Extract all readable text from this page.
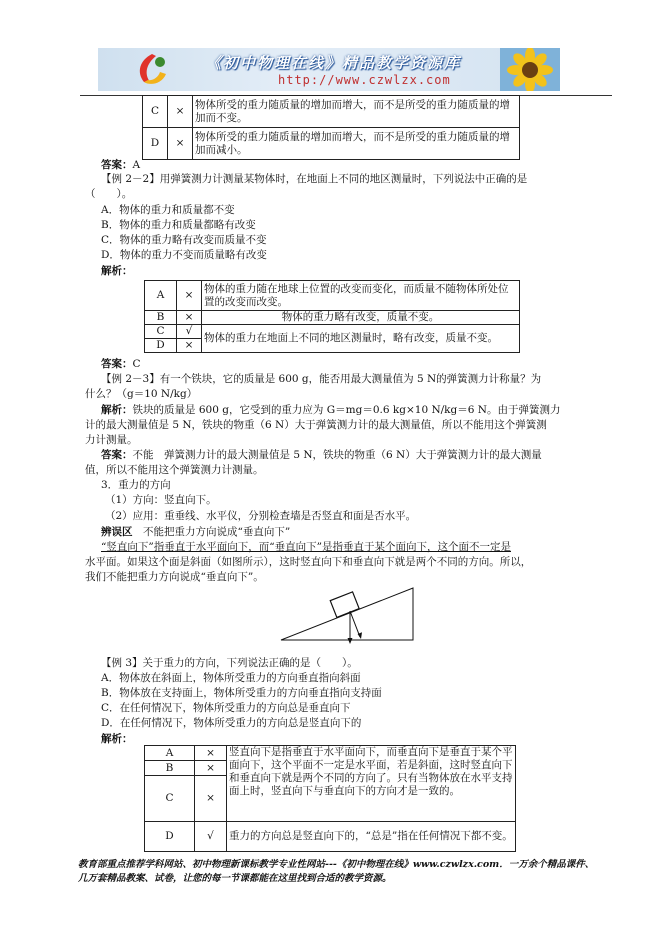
《初中物理在线》精品教学资源库
http://www.czwlzx.com
C	×	物体所受的重力随质量的增加而增大，而不是所受的重力随质量的增加而不变。
D	×	物体所受的重力随质量的增加而增大，而不是所受的重力随质量的增加而减小。
答案：A
【例 2－2】用弹簧测力计测量某物体时，在地面上不同的地区测量时，下列说法中正确的是
（　　）。
A．物体的重力和质量都不变
B．物体的重力和质量都略有改变
C．物体的重力略有改变而质量不变
D．物体的重力不变而质量略有改变
解析：
A	×	物体的重力随在地球上位置的改变而变化，而质量不随物体所处位置的改变而改变。
B	×	物体的重力略有改变，质量不变。
C	√	物体的重力在地面上不同的地区测量时，略有改变，质量不变。
D	×	
答案：C
【例 2－3】有一个铁块，它的质量是 600 g，能否用最大测量值为 5 N的弹簧测力计称量？为
什么？（g＝10 N/kg）
解析：铁块的质量是 600 g，它受到的重力应为 G＝mg＝0.6 kg×10 N/kg＝6 N。由于弹簧测力
计的最大测量值是 5 N，铁块的物重（6 N）大于弹簧测力计的最大测量值，所以不能用这个弹簧测
力计测量。
答案：不能　弹簧测力计的最大测量值是 5 N，铁块的物重（6 N）大于弹簧测力计的最大测量
值，所以不能用这个弹簧测力计测量。
3．重力的方向
（1）方向：竖直向下。
（2）应用：重垂线、水平仪，分别检查墙是否竖直和面是否水平。
辨误区　 不能把重力方向说成“垂直向下”
“竖直向下”指垂直于水平面向下，而“垂直向下”是指垂直于某个面向下，这个面不一定是
水平面。如果这个面是斜面（如图所示），这时竖直向下和垂直向下就是两个不同的方向。所以，
我们不能把重力方向说成“垂直向下”。
【例 3】关于重力的方向，下列说法正确的是（　　）。
A．物体放在斜面上，物体所受重力的方向垂直指向斜面
B．物体放在支持面上，物体所受重力的方向垂直指向支持面
C．在任何情况下，物体所受重力的方向总是垂直向下
D．在任何情况下，物体所受重力的方向总是竖直向下的
解析：
A	×	竖直向下是指垂直于水平面向下，而垂直向下是垂直于某个平面向下，这个平面不一定是水平面，若是斜面，这时竖直向下和垂直向下就是两个不同的方向了。只有当物体放在水平支持面上时，竖直向下与垂直向下的方向才是一致的。
B	×	
C	×	
D	√	重力的方向总是竖直向下的，“总是”指在任何情况下都不变。
教育部重点推荐学科网站、初中物理新课标教学专业性网站---《初中物理在线》www.czwlzx.com．一万余个精品课件、几万套精品教案、试卷，让您的每一节课都能在这里找到合适的教学资源。
